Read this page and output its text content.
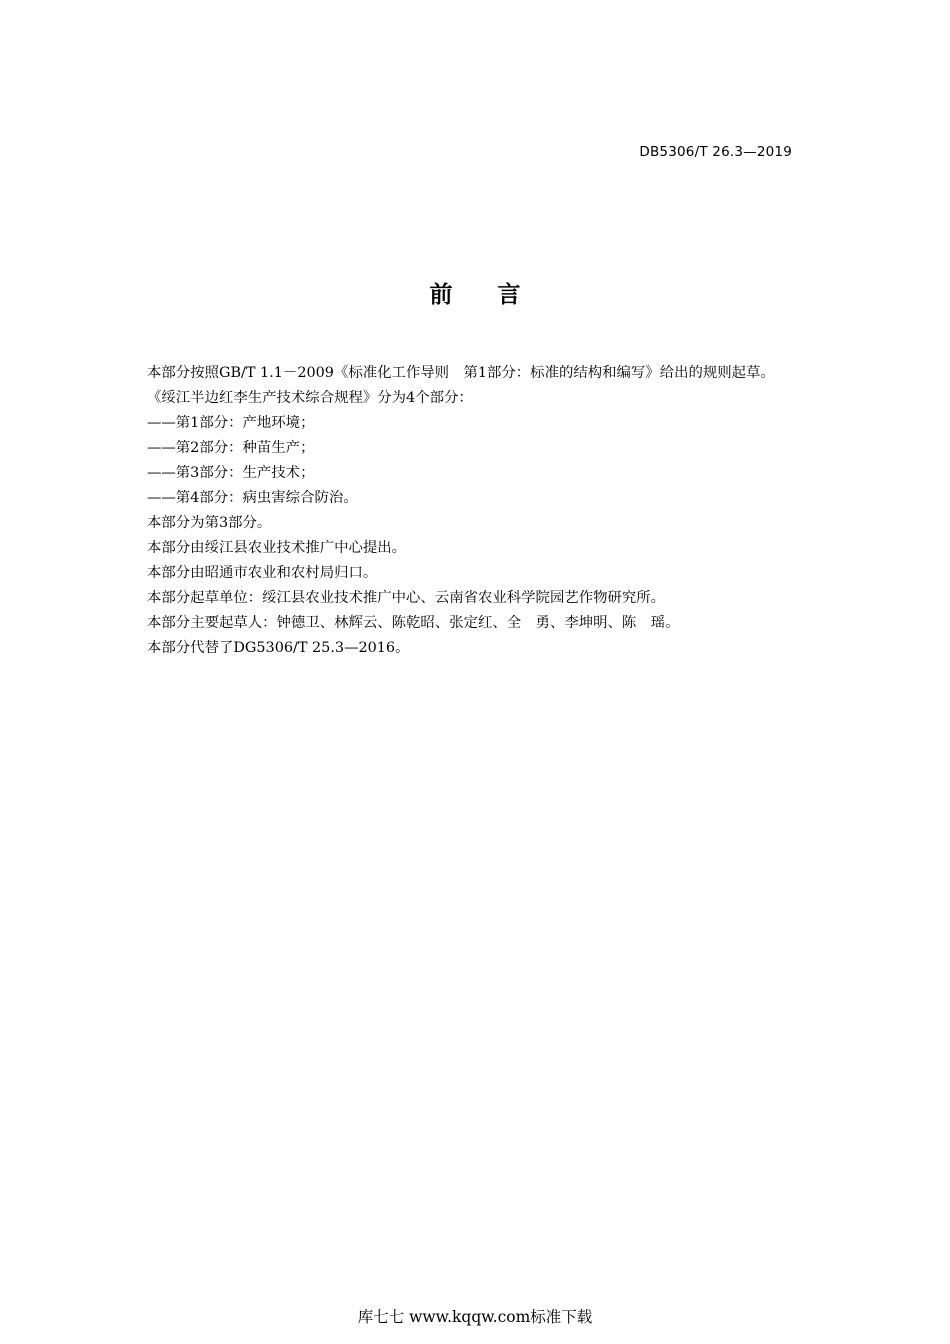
DB5306/T 26.3—2019
前言
本部分按照GB/T 1.1－2009《标准化工作导则　第1部分：标准的结构和编写》给出的规则起草。
《绥江半边红李生产技术综合规程》分为4个部分：
——第1部分：产地环境；
——第2部分：种苗生产；
——第3部分：生产技术；
——第4部分：病虫害综合防治。
本部分为第3部分。
本部分由绥江县农业技术推广中心提出。
本部分由昭通市农业和农村局归口。
本部分起草单位：绥江县农业技术推广中心、云南省农业科学院园艺作物研究所。
本部分主要起草人：钟德卫、林辉云、陈乾昭、张定红、全　勇、李坤明、陈　瑶。
本部分代替了DG5306/T 25.3—2016。
库七七 www.kqqw.com标准下载
